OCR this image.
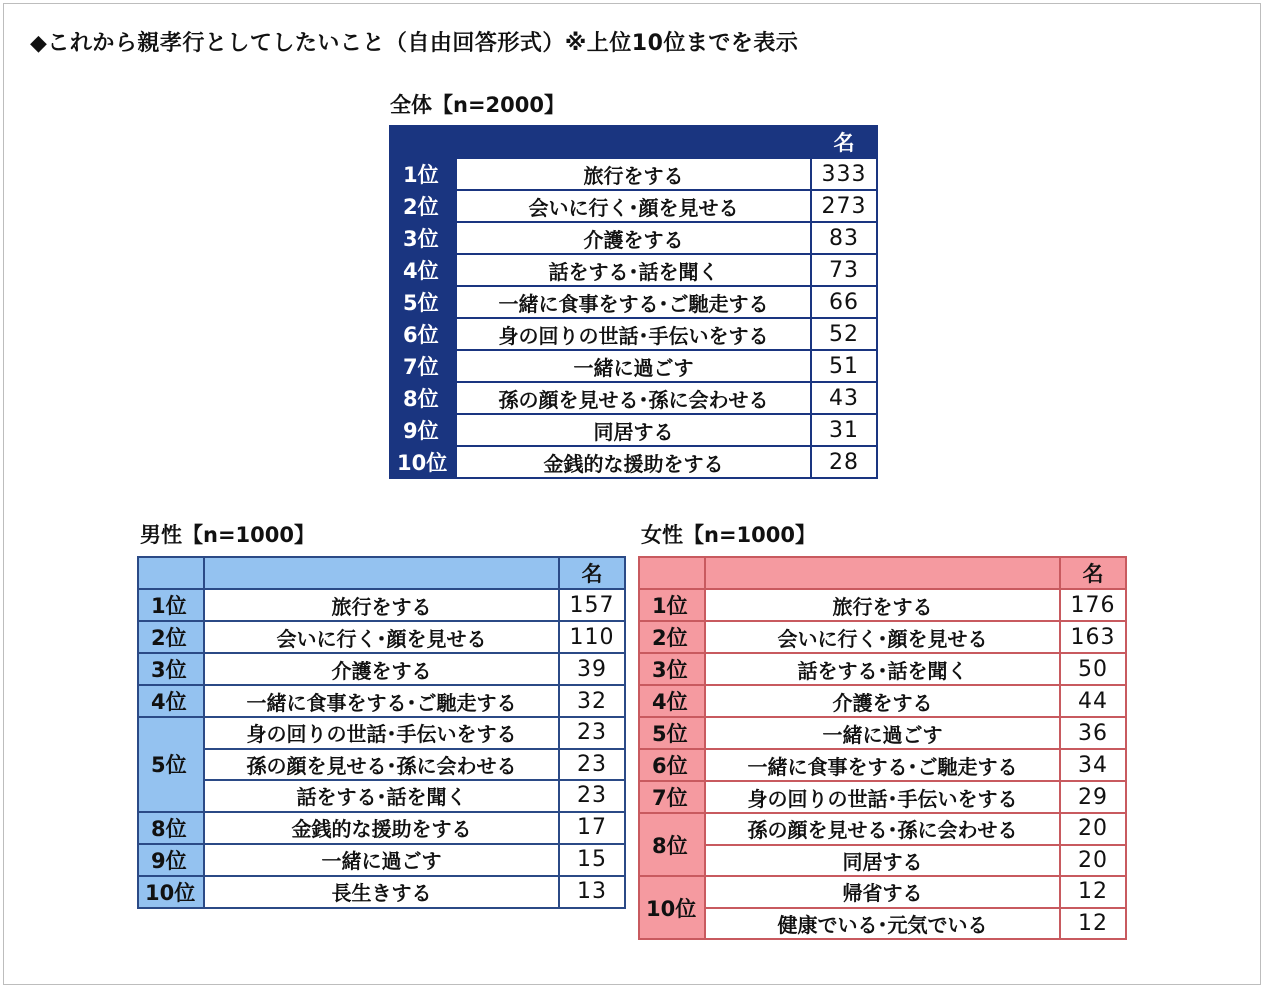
◆これから親孝行としてしたいこと（自由回答形式）※上位10位までを表示
全体【n=2000】
		名
1位	旅行をする	333
2位	会いに行く･顔を見せる	273
3位	介護をする	83
4位	話をする･話を聞く	73
5位	一緒に食事をする･ご馳走する	66
6位	身の回りの世話･手伝いをする	52
7位	一緒に過ごす	51
8位	孫の顔を見せる･孫に会わせる	43
9位	同居する	31
10位	金銭的な援助をする	28
男性【n=1000】
		名
1位	旅行をする	157
2位	会いに行く･顔を見せる	110
3位	介護をする	39
4位	一緒に食事をする･ご馳走する	32
5位	身の回りの世話･手伝いをする	23
	孫の顔を見せる･孫に会わせる	23
	話をする･話を聞く	23
8位	金銭的な援助をする	17
9位	一緒に過ごす	15
10位	長生きする	13
女性【n=1000】
		名
1位	旅行をする	176
2位	会いに行く･顔を見せる	163
3位	話をする･話を聞く	50
4位	介護をする	44
5位	一緒に過ごす	36
6位	一緒に食事をする･ご馳走する	34
7位	身の回りの世話･手伝いをする	29
8位	孫の顔を見せる･孫に会わせる	20
	同居する	20
10位	帰省する	12
	健康でいる･元気でいる	12
